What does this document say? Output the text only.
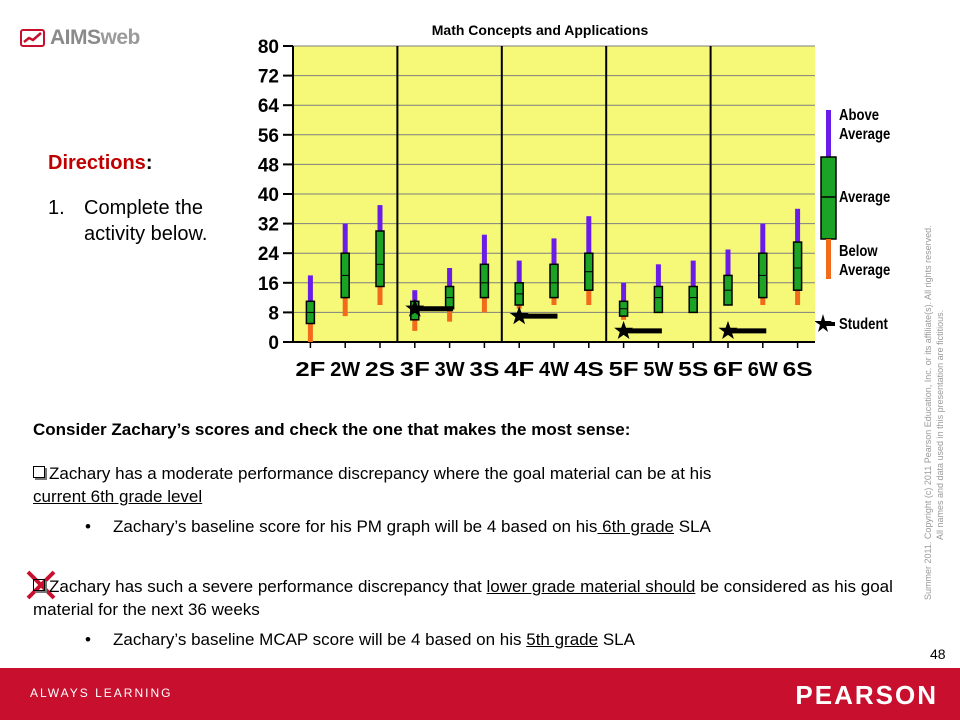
AIMSweb	Math Concepts and Applications
Directions:
1. Complete the activity below.
0
8
16
24
32
40
48
56
64
72
80
2F 2W 2S 3F 3W 3S 4F 4W 4S 5F 5W 5S 6F 6W 6S
Above Average
Average
Below Average
Student
Consider Zachary’s scores and check the one that makes the most sense:
Zachary has a moderate performance discrepancy where the goal material can be at his
current 6th grade level
• Zachary’s baseline score for his PM graph will be 4 based on his 6th grade SLA
Zachary has such a severe performance discrepancy that lower grade material should be considered as his goal material for the next 36 weeks
• Zachary’s baseline MCAP score will be 4 based on his 5th grade SLA
Summer 2011. Copyright (c) 2011 Pearson Education, Inc. or its affiliate(s). All rights reserved. All names and data used in this presentation are fictitious.
48
ALWAYS LEARNING	PEARSON
